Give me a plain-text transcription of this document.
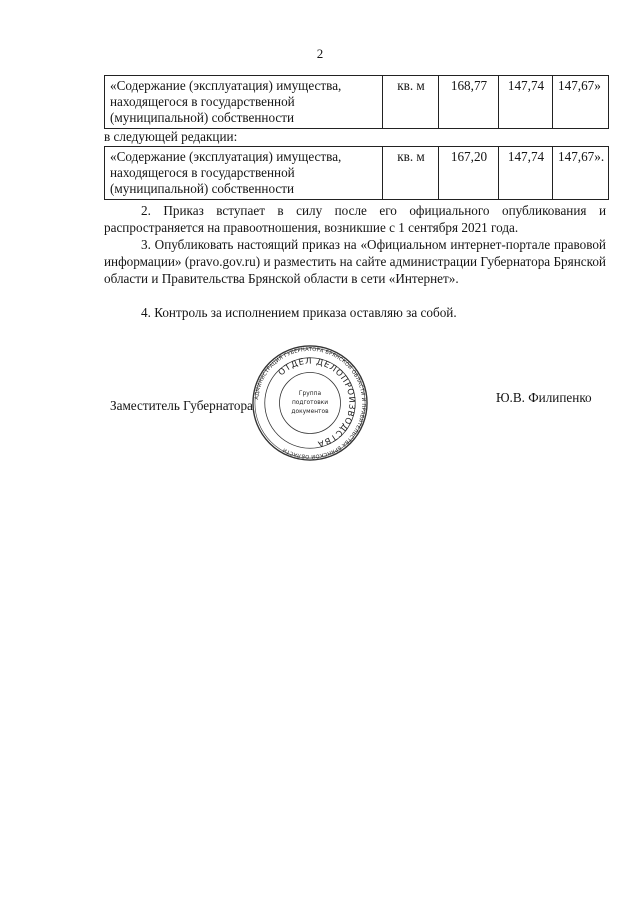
2
«Содержание (эксплуатация) имущества,
находящегося в государственной
(муниципальной) собственности
	кв. м	168,77	147,74	147,67»
в следующей редакции:
«Содержание (эксплуатация) имущества,
находящегося в государственной
(муниципальной) собственности
	кв. м	167,20	147,74	147,67».

2. Приказ вступает в силу после его официального опубликования и распространяется на правоотношения, возникшие с 1 сентября 2021 года.

3. Опубликовать настоящий приказ на «Официальном интернет-портале правовой информации» (pravo.gov.ru) и разместить на сайте администрации Губернатора Брянской области и Правительства Брянской области в сети «Интернет».

4. Контроль за исполнением приказа оставляю за собой.

Заместитель Губернатора
Ю.В. Филипенко
АДМИНИСТРАЦИЯ ГУБЕРНАТОРА БРЯНСКОЙ ОБЛАСТИ И ПРАВИТЕЛЬСТВА БРЯНСКОЙ ОБЛАСТИ
ОТДЕЛ ДЕЛОПРОИЗВОДСТВА
Группа
подготовки
документов
